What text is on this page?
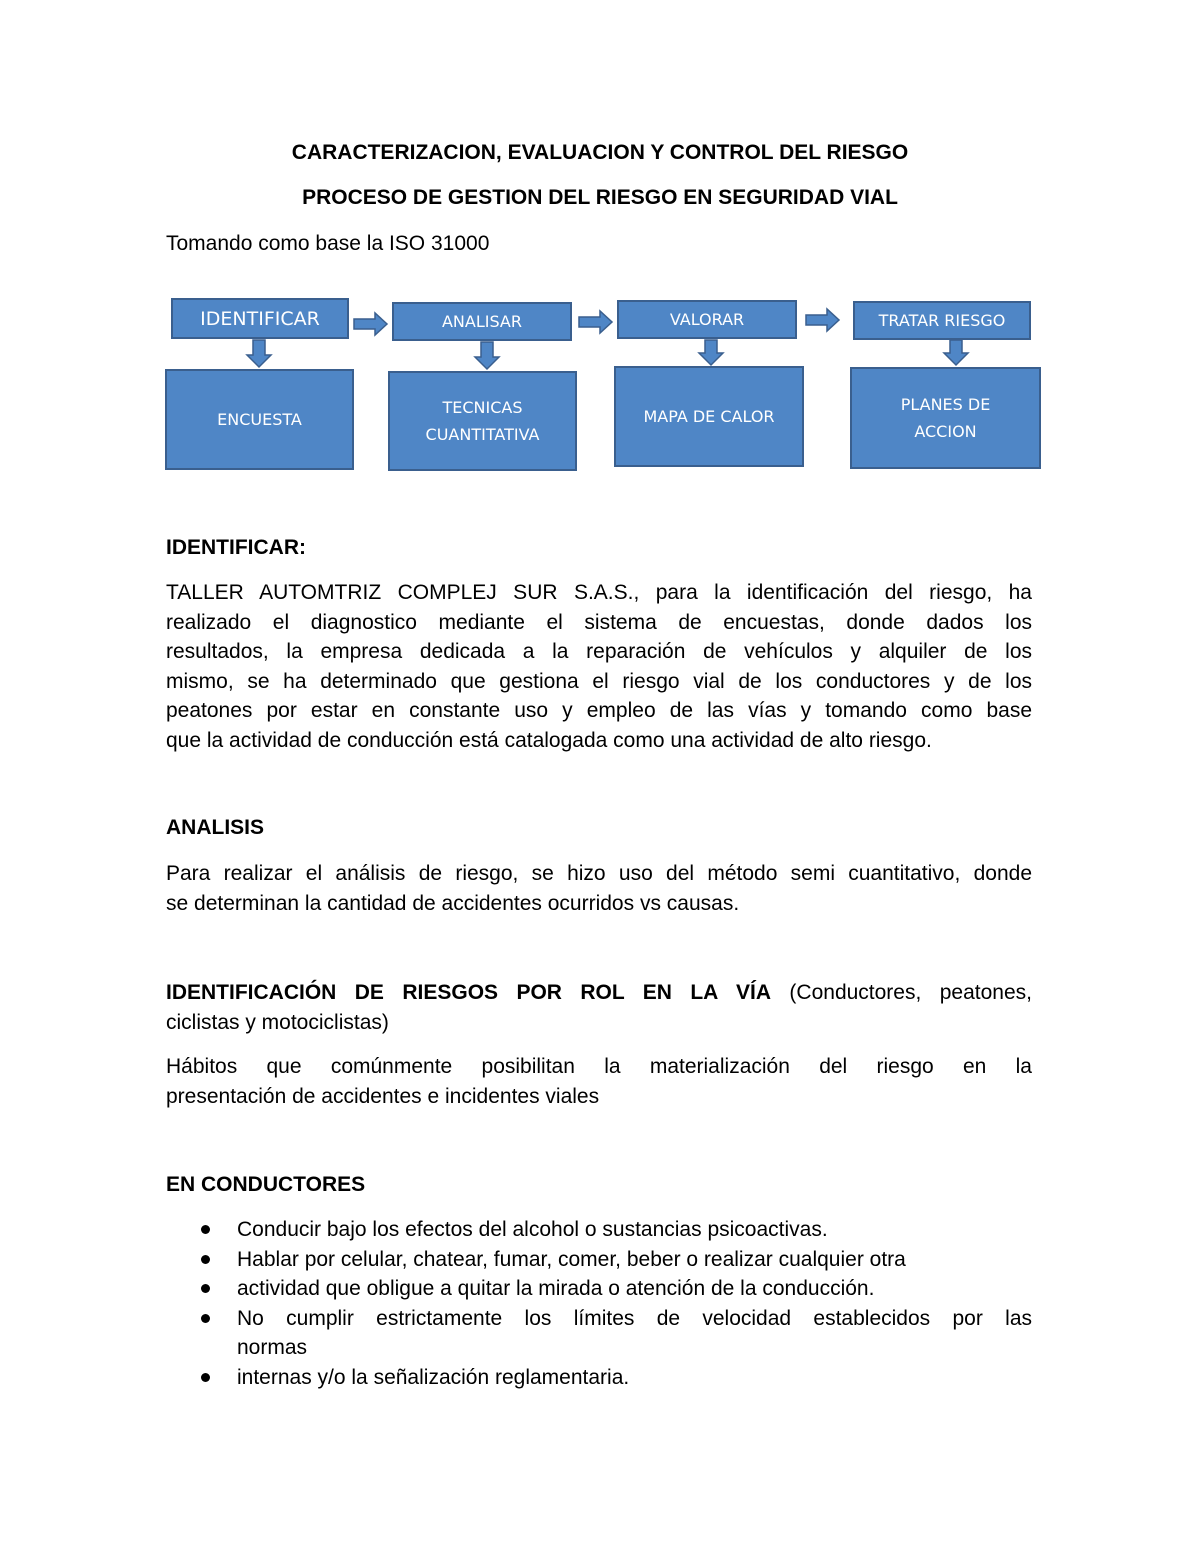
CARACTERIZACION, EVALUACION Y CONTROL DEL RIESGO
PROCESO DE GESTION DEL RIESGO EN SEGURIDAD VIAL
Tomando como base la ISO 31000
IDENTIFICAR	ANALISAR	VALORAR	TRATAR RIESGO
ENCUESTA
TECNICAS
CUANTITATIVA
MAPA DE CALOR
PLANES DE
ACCION
IDENTIFICAR:
TALLER AUTOMTRIZ COMPLEJ SUR S.A.S., para la identificación del riesgo, ha
realizado el diagnostico mediante el sistema de encuestas, donde dados los
resultados, la empresa dedicada a la reparación de vehículos y alquiler de los
mismo, se ha determinado que gestiona el riesgo vial de los conductores y de los
peatones por estar en constante uso y empleo de las vías y tomando como base
que la actividad de conducción está catalogada como una actividad de alto riesgo.
ANALISIS
Para realizar el análisis de riesgo, se hizo uso del método semi cuantitativo, donde
se determinan la cantidad de accidentes ocurridos vs causas.
IDENTIFICACIÓN DE RIESGOS POR ROL EN LA VÍA (Conductores, peatones,
ciclistas y motociclistas)
Hábitos que comúnmente posibilitan la materialización del riesgo en la
presentación de accidentes e incidentes viales
EN CONDUCTORES
Conducir bajo los efectos del alcohol o sustancias psicoactivas.
Hablar por celular, chatear, fumar, comer, beber o realizar cualquier otra
actividad que obligue a quitar la mirada o atención de la conducción.
No cumplir estrictamente los límites de velocidad establecidos por las
normas
internas y/o la señalización reglamentaria.
